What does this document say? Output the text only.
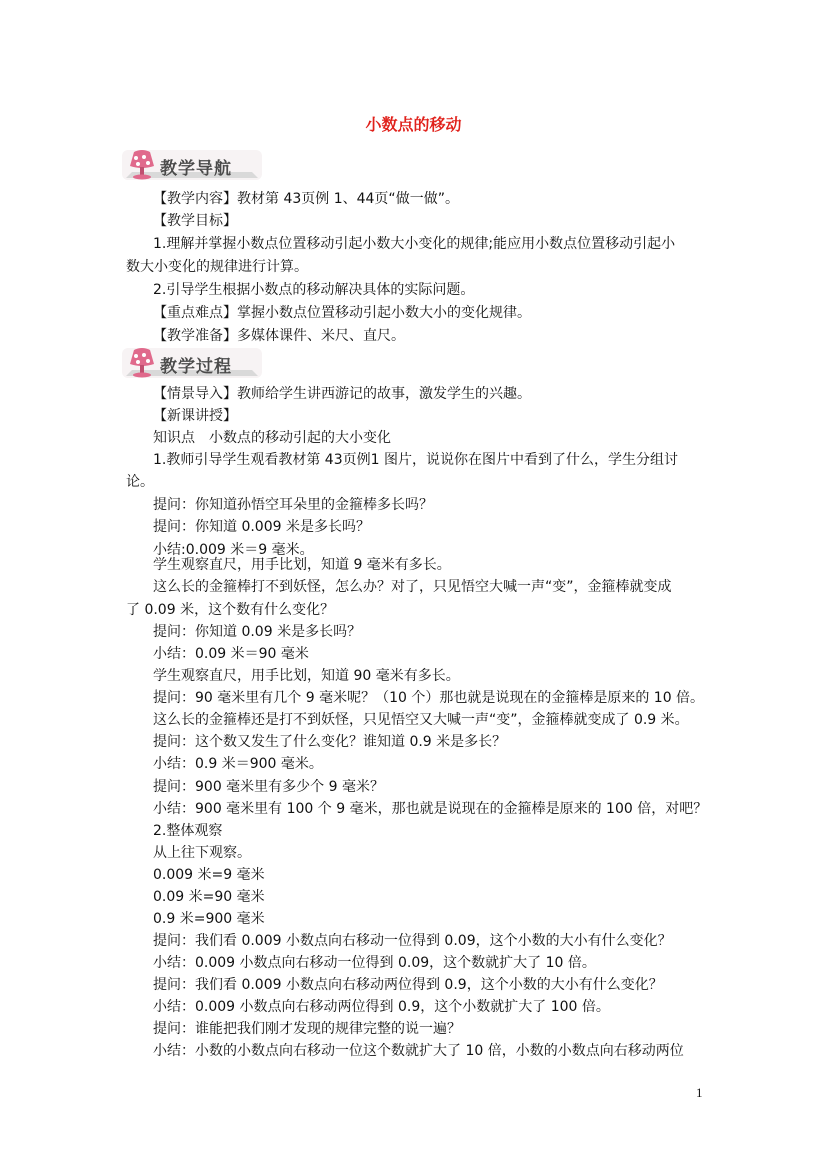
小数点的移动
教学导航
【教学内容】教材第 43页例 1、44页“做一做”。
【教学目标】
1.理解并掌握小数点位置移动引起小数大小变化的规律;能应用小数点位置移动引起小
数大小变化的规律进行计算。
2.引导学生根据小数点的移动解决具体的实际问题。
【重点难点】掌握小数点位置移动引起小数大小的变化规律。
【教学准备】多媒体课件、米尺、直尺。
教学过程
【情景导入】教师给学生讲西游记的故事，激发学生的兴趣。
【新课讲授】
知识点　小数点的移动引起的大小变化
1.教师引导学生观看教材第 43页例1 图片，说说你在图片中看到了什么，学生分组讨
论。
提问：你知道孙悟空耳朵里的金箍棒多长吗？
提问：你知道 0.009 米是多长吗？
小结:0.009 米＝9 毫米。
学生观察直尺，用手比划，知道 9 毫米有多长。
这么长的金箍棒打不到妖怪，怎么办？对了，只见悟空大喊一声“变”，金箍棒就变成
了 0.09 米，这个数有什么变化？
提问：你知道 0.09 米是多长吗？
小结：0.09 米＝90 毫米
学生观察直尺，用手比划，知道 90 毫米有多长。
提问：90 毫米里有几个 9 毫米呢？（10 个）那也就是说现在的金箍棒是原来的 10 倍。
这么长的金箍棒还是打不到妖怪，只见悟空又大喊一声“变”，金箍棒就变成了 0.9 米。
提问：这个数又发生了什么变化？谁知道 0.9 米是多长？
小结：0.9 米＝900 毫米。
提问：900 毫米里有多少个 9 毫米？
小结：900 毫米里有 100 个 9 毫米，那也就是说现在的金箍棒是原来的 100 倍，对吧？
2.整体观察
从上往下观察。
0.009 米=9 毫米
0.09 米=90 毫米
0.9 米=900 毫米
提问：我们看 0.009 小数点向右移动一位得到 0.09，这个小数的大小有什么变化？
小结：0.009 小数点向右移动一位得到 0.09，这个数就扩大了 10 倍。
提问：我们看 0.009 小数点向右移动两位得到 0.9，这个小数的大小有什么变化？
小结：0.009 小数点向右移动两位得到 0.9，这个小数就扩大了 100 倍。
提问：谁能把我们刚才发现的规律完整的说一遍？
小结：小数的小数点向右移动一位这个数就扩大了 10 倍，小数的小数点向右移动两位
1
